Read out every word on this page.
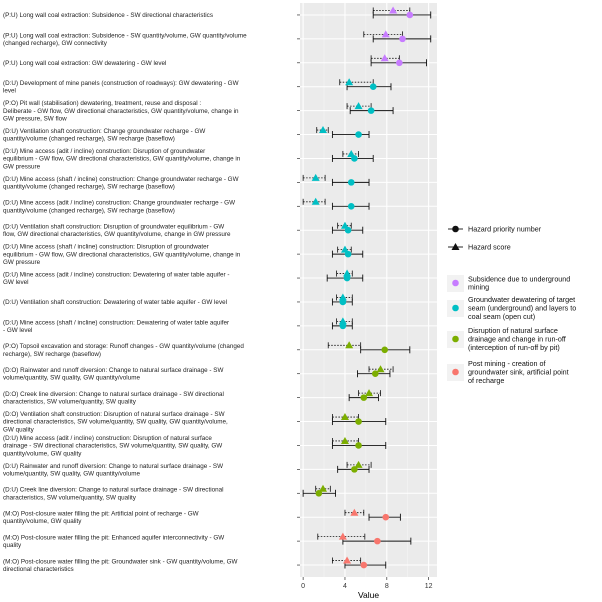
(P:U) Long wall coal extraction: Subsidence - SW directional characteristics
(P:U) Long wall coal extraction: Subsidence - SW quantity/volume, GW quantity/volume (changed recharge), GW connectivity
(P:U) Long wall coal extraction: GW dewatering - GW level
(D:U) Development of mine panels (construction of roadways): GW dewatering - GW level
(P:O) Pit wall (stabilisation) dewatering, treatment, reuse and disposal : Deliberate - GW flow, GW directional characteristics, GW quantity/volume, change in GW pressure, SW flow
(D:U) Ventilation shaft construction: Change groundwater recharge - GW quantity/volume (changed recharge), SW recharge (baseflow)
(D:U) Mine access (adit / incline) construction: Disruption of groundwater equilibrium - GW flow, GW directional characteristics, GW quantity/volume, change in GW pressure
(D:U) Mine access (shaft / incline) construction: Change groundwater recharge - GW quantity/volume (changed recharge), SW recharge (baseflow)
(D:U) Mine access (adit / incline) construction: Change groundwater recharge - GW quantity/volume (changed recharge), SW recharge (baseflow)
(D:U) Ventilation shaft construction: Disruption of groundwater equilibrium - GW flow, GW directional characteristics, GW quantity/volume, change in GW pressure
(D:U) Mine access (shaft / incline) construction: Disruption of groundwater equilibrium - GW flow, GW directional characteristics, GW quantity/volume, change in GW pressure
(D:U) Mine access (adit / incline) construction: Dewatering of water table aquifer -GW level
(D:U) Ventilation shaft construction: Dewatering of water table aquifer - GW level
(D:U) Mine access (shaft / incline) construction: Dewatering of water table aquifer - GW level
(P:O) Topsoil excavation and storage: Runoff changes - GW quantity/volume (changed recharge), SW recharge (baseflow)
(D:O) Rainwater and runoff diversion: Change to natural surface drainage - SW volume/quantity, SW quality, GW quantity/volume
(D:O) Creek line diversion: Change to natural surface drainage - SW directional characteristics, SW volume/quantity, SW quality
(D:O) Ventilation shaft construction: Disruption of natural surface drainage - SW directional characteristics, SW volume/quantity, SW quality, GW quantity/volume, GW quality
(D:U) Mine access (adit / incline) construction: Disruption of natural surface drainage - SW directional characteristics, SW volume/quantity, SW quality, GW quantity/volume, GW quality
(D:U) Rainwater and runoff diversion: Change to natural surface drainage - SW volume/quantity, SW quality, GW quantity/volume
(D:U) Creek line diversion: Change to natural surface drainage - SW directional characteristics, SW volume/quantity, SW quality
(M:O) Post-closure water filling the pit: Artificial point of recharge - GW quantity/volume, GW quality
(M:O) Post-closure water filling the pit: Enhanced aquifer interconnectivity - GW quality
(M:O) Post-closure water filling the pit: Groundwater sink - GW quantity/volume, GW directional characteristics
0	4	8	12
Value
Hazard priority number
Hazard score
Subsidence due to underground mining
Groundwater dewatering of target seam (underground) and layers to coal seam (open cut)
Disruption of natural surface drainage and change in run-off (interception of run-off by pit)
Post mining - creation of groundwater sink, artificial point of recharge
